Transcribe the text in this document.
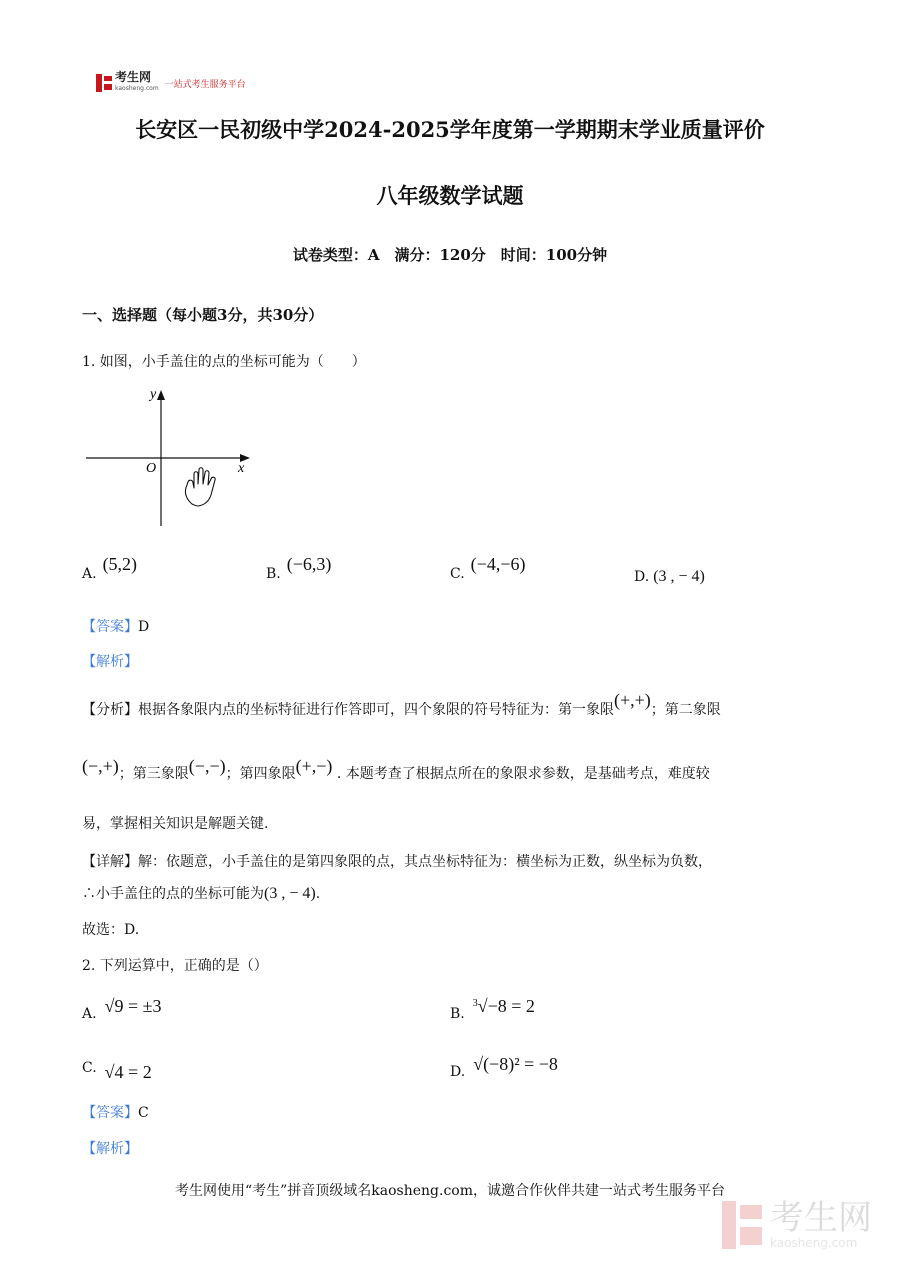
考生网
kaosheng.com 一站式考生服务平台
长安区一民初级中学2024-2025学年度第一学期期末学业质量评价
八年级数学试题
试卷类型：A　满分：120分　时间：100分钟
一、选择题（每小题3分，共30分）
1. 如图，小手盖住的点的坐标可能为（　　）
y
x
O
A. (5,2)	B. (−6,3)	C. (−4,−6)
D. (3 , − 4)
【答案】D
【解析】
【分析】根据各象限内点的坐标特征进行作答即可，四个象限的符号特征为：第一象限(+,+)；第二象限
(−,+)；第三象限(−,−)；第四象限(+,−) . 本题考查了根据点所在的象限求参数，是基础考点，难度较
易，掌握相关知识是解题关键.
【详解】解：依题意，小手盖住的是第四象限的点，其点坐标特征为：横坐标为正数，纵坐标为负数，
∴小手盖住的点的坐标可能为(3 , − 4).
故选：D.
2. 下列运算中，正确的是（）
A. √9 = ±3	B.$^3$√−8 = 2
C. √4 = 2	D. √(−8)² = −8
【答案】C
【解析】
考生网使用“考生”拼音顶级域名kaosheng.com，诚邀合作伙伴共建一站式考生服务平台
考生网
kaosheng.com
